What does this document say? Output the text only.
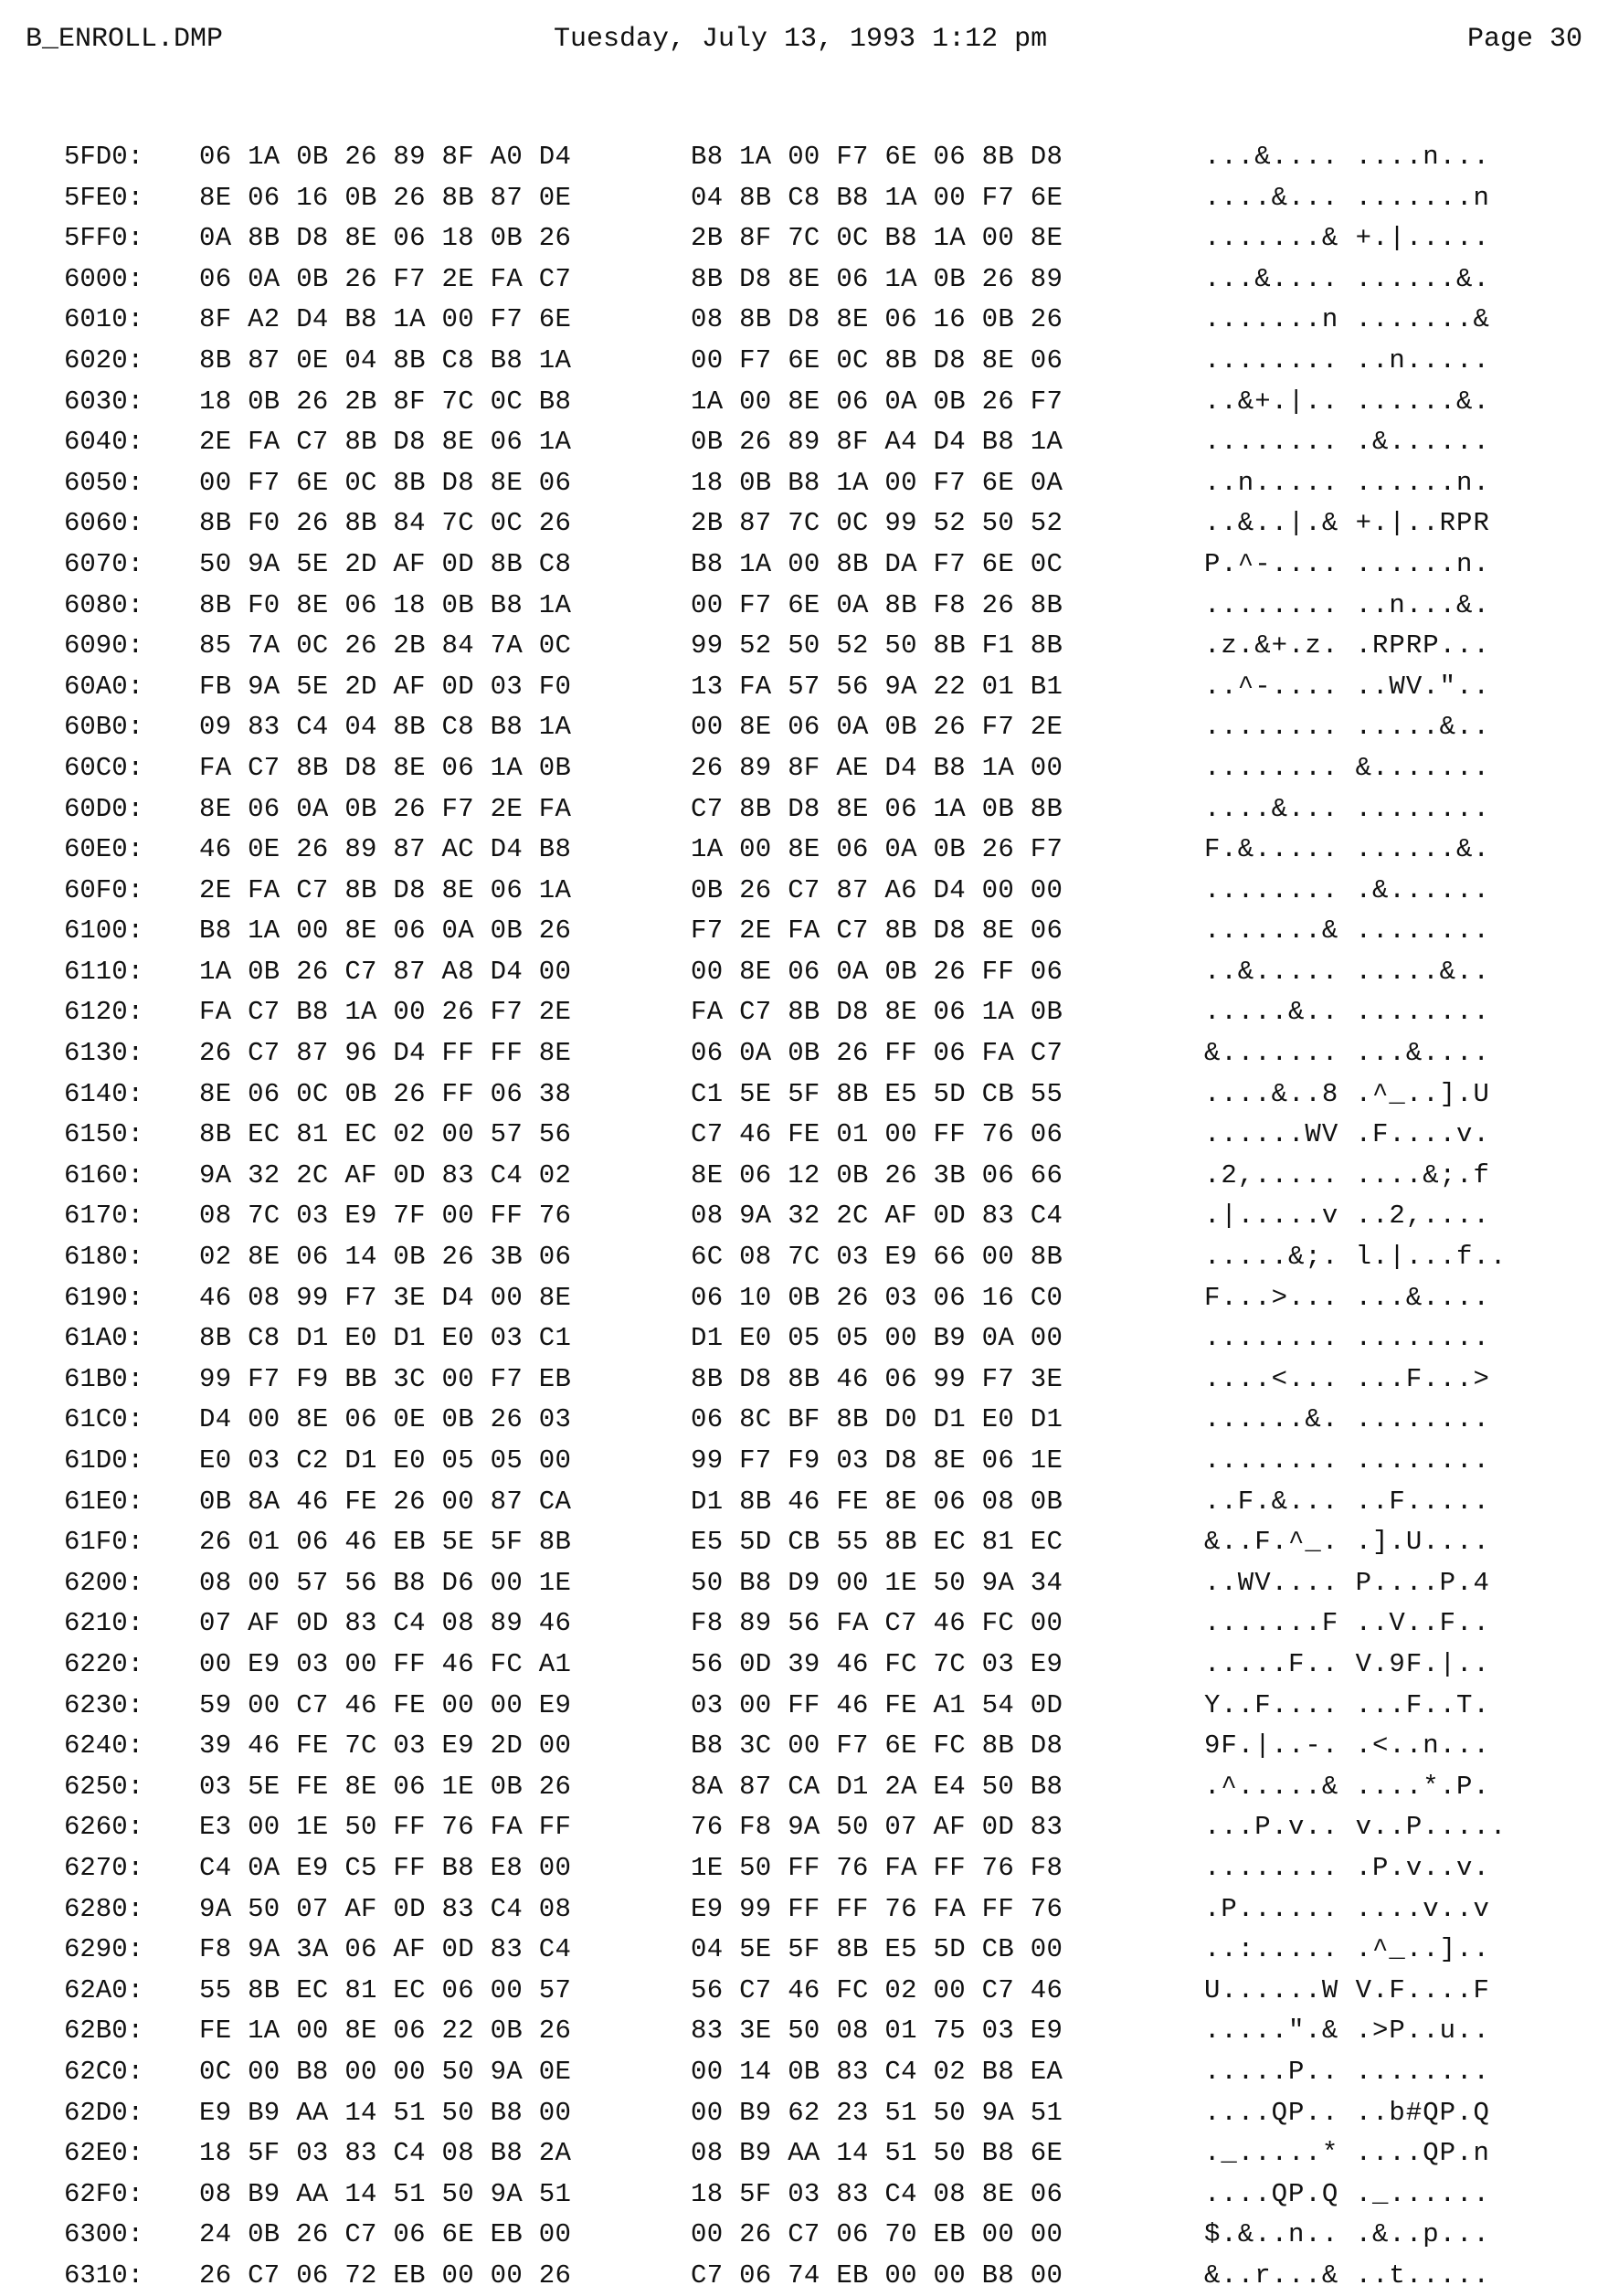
B_ENROLL.DMP	Tuesday, July 13, 1993 1:12 pm	Page 30
5FD0: 06 1A 0B 26 89 8F A0 D4	B8 1A 00 F7 6E 06 8B D8	...&.... ....n...
5FE0: 8E 06 16 0B 26 8B 87 0E	04 8B C8 B8 1A 00 F7 6E	....&... .......n
5FF0: 0A 8B D8 8E 06 18 0B 26	2B 8F 7C 0C B8 1A 00 8E	.......& +.|.....
6000: 06 0A 0B 26 F7 2E FA C7	8B D8 8E 06 1A 0B 26 89	...&.... ......&.
6010: 8F A2 D4 B8 1A 00 F7 6E	08 8B D8 8E 06 16 0B 26	.......n .......&
6020: 8B 87 0E 04 8B C8 B8 1A	00 F7 6E 0C 8B D8 8E 06	........ ..n.....
6030: 18 0B 26 2B 8F 7C 0C B8	1A 00 8E 06 0A 0B 26 F7	..&+.|.. ......&.
6040: 2E FA C7 8B D8 8E 06 1A	0B 26 89 8F A4 D4 B8 1A	........ .&......
6050: 00 F7 6E 0C 8B D8 8E 06	18 0B B8 1A 00 F7 6E 0A	..n..... ......n.
6060: 8B F0 26 8B 84 7C 0C 26	2B 87 7C 0C 99 52 50 52	..&..|.& +.|..RPR
6070: 50 9A 5E 2D AF 0D 8B C8	B8 1A 00 8B DA F7 6E 0C	P.^-.... ......n.
6080: 8B F0 8E 06 18 0B B8 1A	00 F7 6E 0A 8B F8 26 8B	........ ..n...&.
6090: 85 7A 0C 26 2B 84 7A 0C	99 52 50 52 50 8B F1 8B	.z.&+.z. .RPRP...
60A0: FB 9A 5E 2D AF 0D 03 F0	13 FA 57 56 9A 22 01 B1	..^-.... ..WV."..
60B0: 09 83 C4 04 8B C8 B8 1A	00 8E 06 0A 0B 26 F7 2E	........ .....&..
60C0: FA C7 8B D8 8E 06 1A 0B	26 89 8F AE D4 B8 1A 00	........ &.......
60D0: 8E 06 0A 0B 26 F7 2E FA	C7 8B D8 8E 06 1A 0B 8B	....&... ........
60E0: 46 0E 26 89 87 AC D4 B8	1A 00 8E 06 0A 0B 26 F7	F.&..... ......&.
60F0: 2E FA C7 8B D8 8E 06 1A	0B 26 C7 87 A6 D4 00 00	........ .&......
6100: B8 1A 00 8E 06 0A 0B 26	F7 2E FA C7 8B D8 8E 06	.......& ........
6110: 1A 0B 26 C7 87 A8 D4 00	00 8E 06 0A 0B 26 FF 06	..&..... .....&..
6120: FA C7 B8 1A 00 26 F7 2E	FA C7 8B D8 8E 06 1A 0B	.....&.. ........
6130: 26 C7 87 96 D4 FF FF 8E	06 0A 0B 26 FF 06 FA C7	&....... ...&....
6140: 8E 06 0C 0B 26 FF 06 38	C1 5E 5F 8B E5 5D CB 55	....&..8 .^_..].U
6150: 8B EC 81 EC 02 00 57 56	C7 46 FE 01 00 FF 76 06	......WV .F....v.
6160: 9A 32 2C AF 0D 83 C4 02	8E 06 12 0B 26 3B 06 66	.2,..... ....&;.f
6170: 08 7C 03 E9 7F 00 FF 76	08 9A 32 2C AF 0D 83 C4	.|.....v ..2,....
6180: 02 8E 06 14 0B 26 3B 06	6C 08 7C 03 E9 66 00 8B	.....&;. l.|...f..
6190: 46 08 99 F7 3E D4 00 8E	06 10 0B 26 03 06 16 C0	F...>... ...&....
61A0: 8B C8 D1 E0 D1 E0 03 C1	D1 E0 05 05 00 B9 0A 00	........ ........
61B0: 99 F7 F9 BB 3C 00 F7 EB	8B D8 8B 46 06 99 F7 3E	....<... ...F...>
61C0: D4 00 8E 06 0E 0B 26 03	06 8C BF 8B D0 D1 E0 D1	......&. ........
61D0: E0 03 C2 D1 E0 05 05 00	99 F7 F9 03 D8 8E 06 1E	........ ........
61E0: 0B 8A 46 FE 26 00 87 CA	D1 8B 46 FE 8E 06 08 0B	..F.&... ..F.....
61F0: 26 01 06 46 EB 5E 5F 8B	E5 5D CB 55 8B EC 81 EC	&..F.^_. .].U....
6200: 08 00 57 56 B8 D6 00 1E	50 B8 D9 00 1E 50 9A 34	..WV.... P....P.4
6210: 07 AF 0D 83 C4 08 89 46	F8 89 56 FA C7 46 FC 00	.......F ..V..F..
6220: 00 E9 03 00 FF 46 FC A1	56 0D 39 46 FC 7C 03 E9	.....F.. V.9F.|..
6230: 59 00 C7 46 FE 00 00 E9	03 00 FF 46 FE A1 54 0D	Y..F.... ...F..T.
6240: 39 46 FE 7C 03 E9 2D 00	B8 3C 00 F7 6E FC 8B D8	9F.|..-. .<..n...
6250: 03 5E FE 8E 06 1E 0B 26	8A 87 CA D1 2A E4 50 B8	.^.....& ....*.P.
6260: E3 00 1E 50 FF 76 FA FF	76 F8 9A 50 07 AF 0D 83	...P.v.. v..P.....
6270: C4 0A E9 C5 FF B8 E8 00	1E 50 FF 76 FA FF 76 F8	........ .P.v..v.
6280: 9A 50 07 AF 0D 83 C4 08	E9 99 FF FF 76 FA FF 76	.P...... ....v..v
6290: F8 9A 3A 06 AF 0D 83 C4	04 5E 5F 8B E5 5D CB 00	..:..... .^_..]..
62A0: 55 8B EC 81 EC 06 00 57	56 C7 46 FC 02 00 C7 46	U......W V.F....F
62B0: FE 1A 00 8E 06 22 0B 26	83 3E 50 08 01 75 03 E9	.....".& .>P..u..
62C0: 0C 00 B8 00 00 50 9A 0E	00 14 0B 83 C4 02 B8 EA	.....P.. ........
62D0: E9 B9 AA 14 51 50 B8 00	00 B9 62 23 51 50 9A 51	....QP.. ..b#QP.Q
62E0: 18 5F 03 83 C4 08 B8 2A	08 B9 AA 14 51 50 B8 6E	._.....* ....QP.n
62F0: 08 B9 AA 14 51 50 9A 51	18 5F 03 83 C4 08 8E 06	....QP.Q ._......
6300: 24 0B 26 C7 06 6E EB 00	00 26 C7 06 70 EB 00 00	$.&..n.. .&..p...
6310: 26 C7 06 72 EB 00 00 26	C7 06 74 EB 00 00 B8 00	&..r...& ..t.....
